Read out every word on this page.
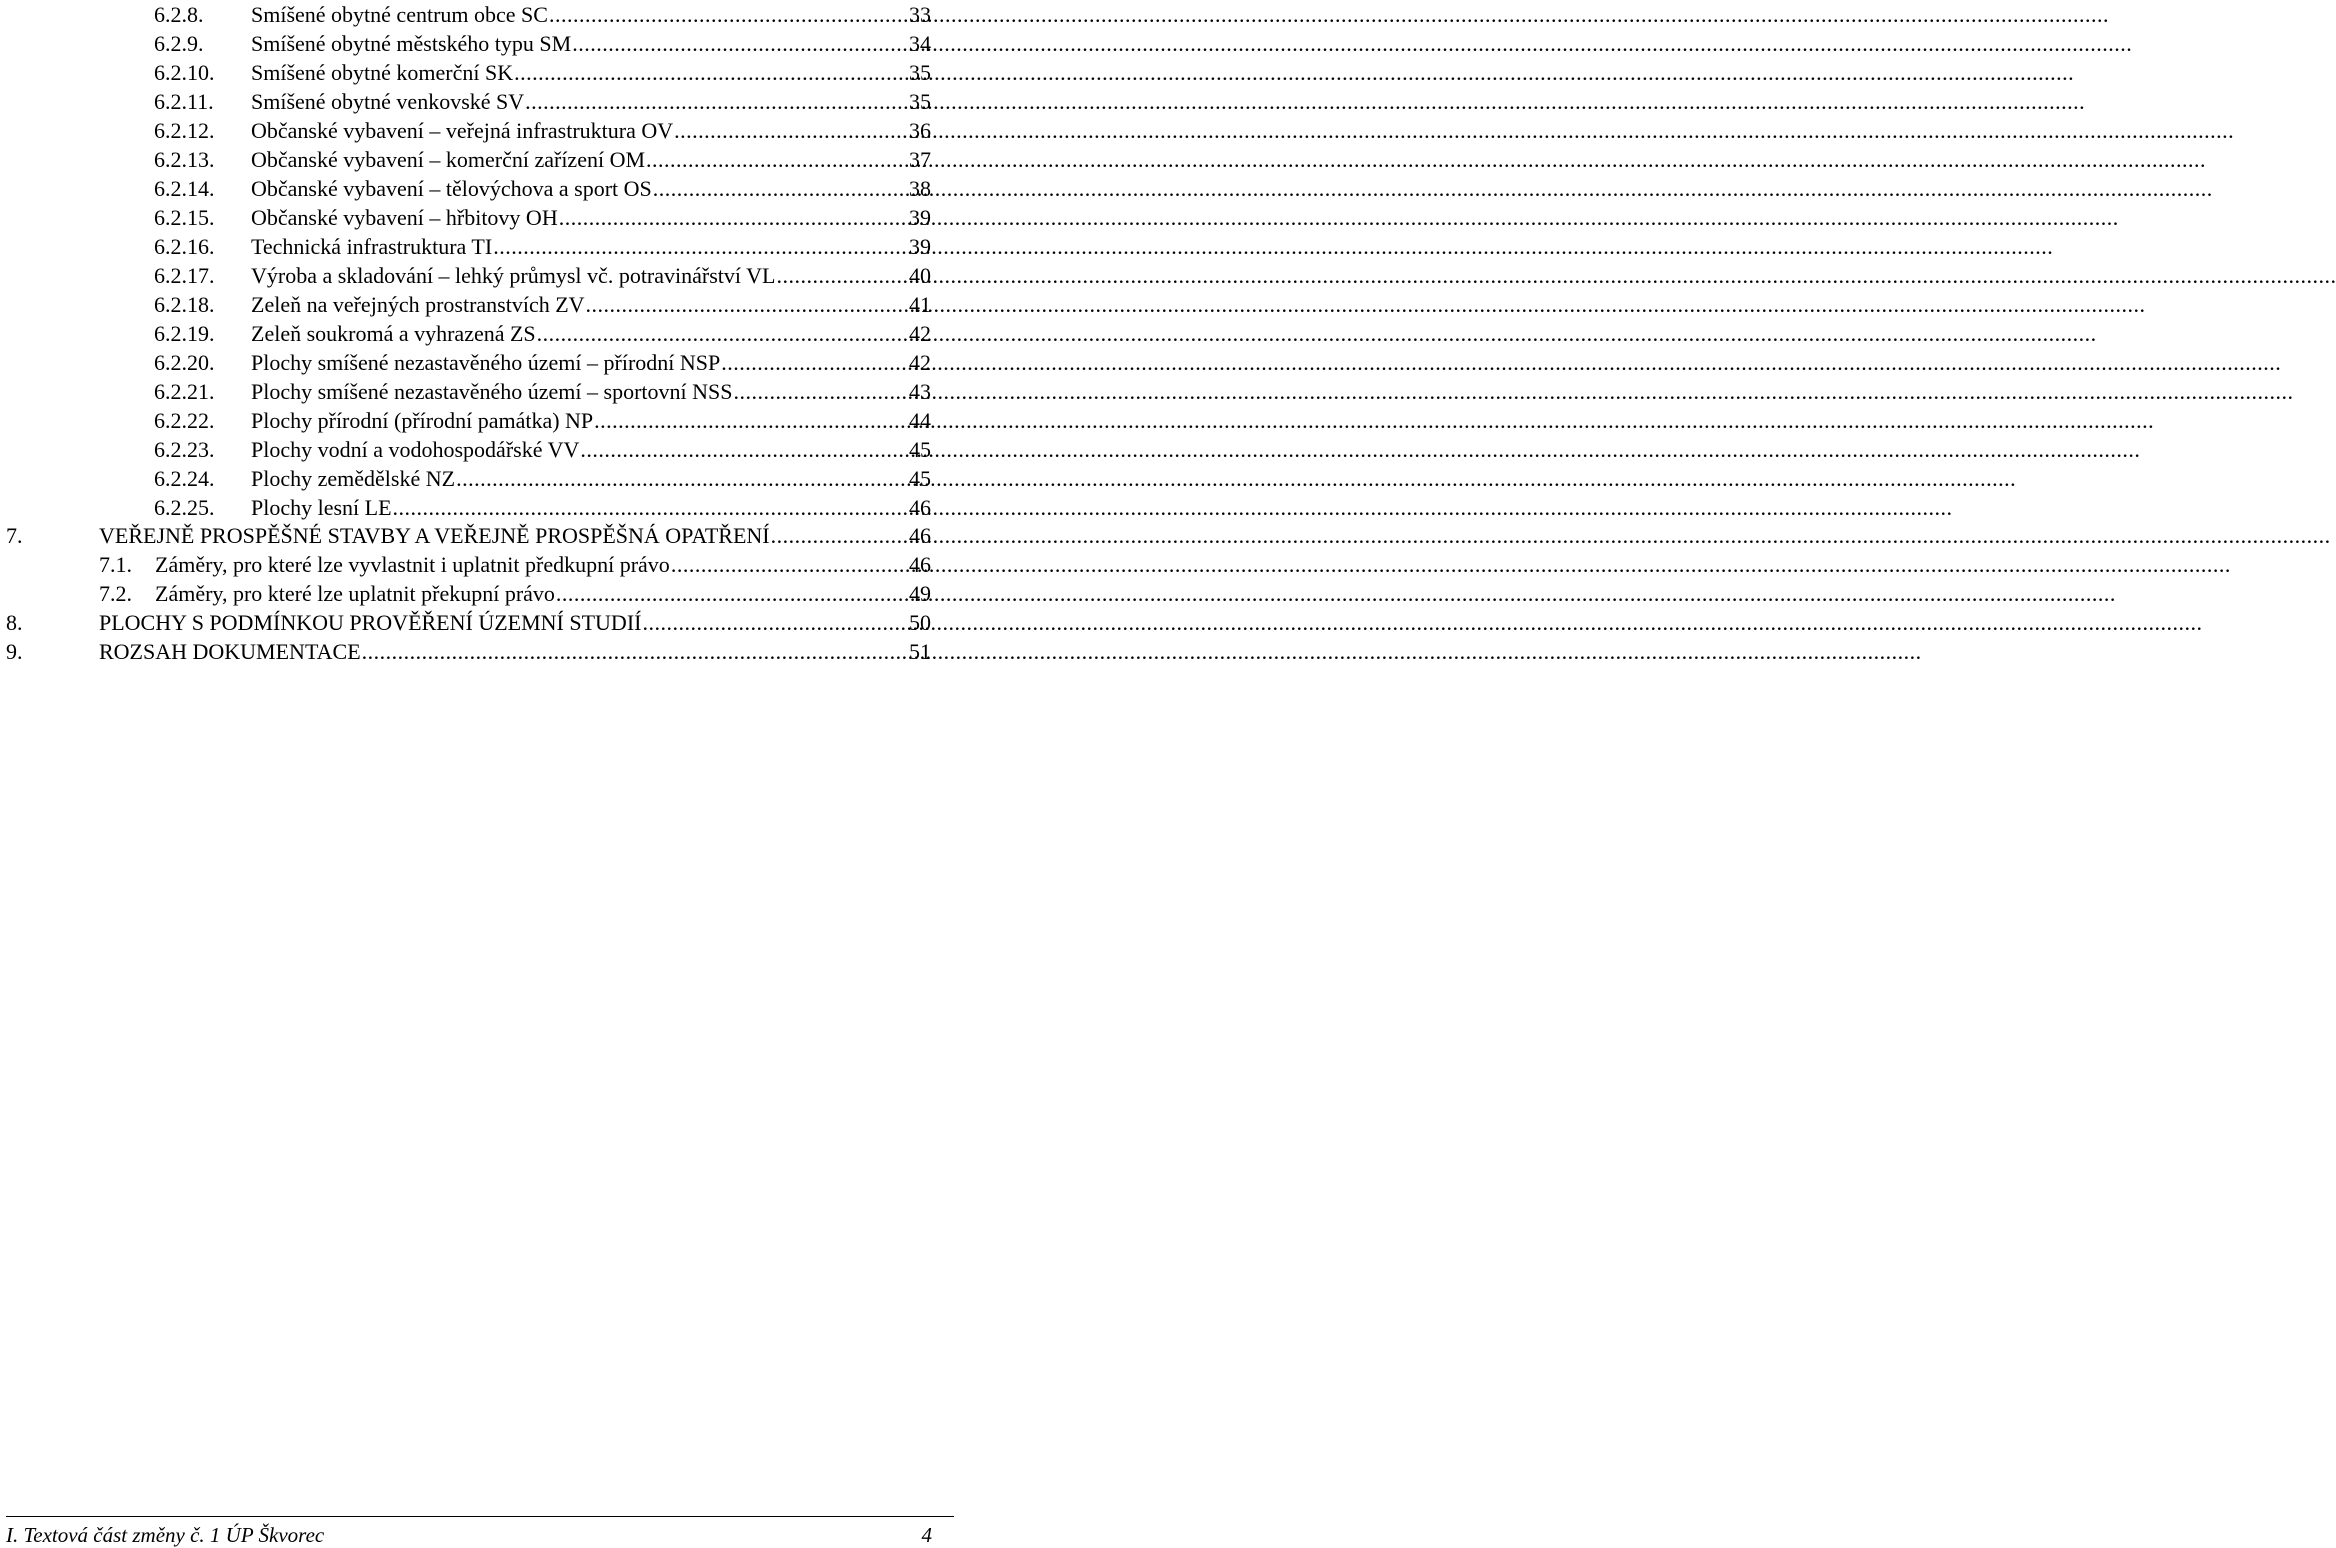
6.2.8.	Smíšené obytné centrum obce SC .....	33
6.2.9.	Smíšené obytné městského typu SM .....	34
6.2.10.	Smíšené obytné komerční SK .....	35
6.2.11.	Smíšené obytné venkovské SV .....	35
6.2.12.	Občanské vybavení – veřejná infrastruktura OV .....	36
6.2.13.	Občanské vybavení – komerční zařízení OM .....	37
6.2.14.	Občanské vybavení – tělovýchova a sport OS .....	38
6.2.15.	Občanské vybavení – hřbitovy OH .....	39
6.2.16.	Technická infrastruktura TI .....	39
6.2.17.	Výroba a skladování – lehký průmysl vč. potravinářství VL .....	40
6.2.18.	Zeleň na veřejných prostranstvích ZV .....	41
6.2.19.	Zeleň soukromá a vyhrazená ZS .....	42
6.2.20.	Plochy smíšené nezastavěného území – přírodní NSP .....	42
6.2.21.	Plochy smíšené nezastavěného území – sportovní NSS .....	43
6.2.22.	Plochy přírodní (přírodní památka) NP .....	44
6.2.23.	Plochy vodní a vodohospodářské VV .....	45
6.2.24.	Plochy zemědělské NZ .....	45
6.2.25.	Plochy lesní LE .....	46
7.	VEŘEJNĚ PROSPĚŠNÉ STAVBY A VEŘEJNĚ PROSPĚŠNÁ OPATŘENÍ .....	46
7.1.	Záměry, pro které lze vyvlastnit i uplatnit předkupní právo .....	46
7.2.	Záměry, pro které lze uplatnit překupní právo .....	49
8.	PLOCHY S PODMÍNKOU PROVĚŘENÍ ÚZEMNÍ STUDIÍ .....	50
9.	ROZSAH DOKUMENTACE .....	51
I. Textová část změny č. 1 ÚP Škvorec	4
